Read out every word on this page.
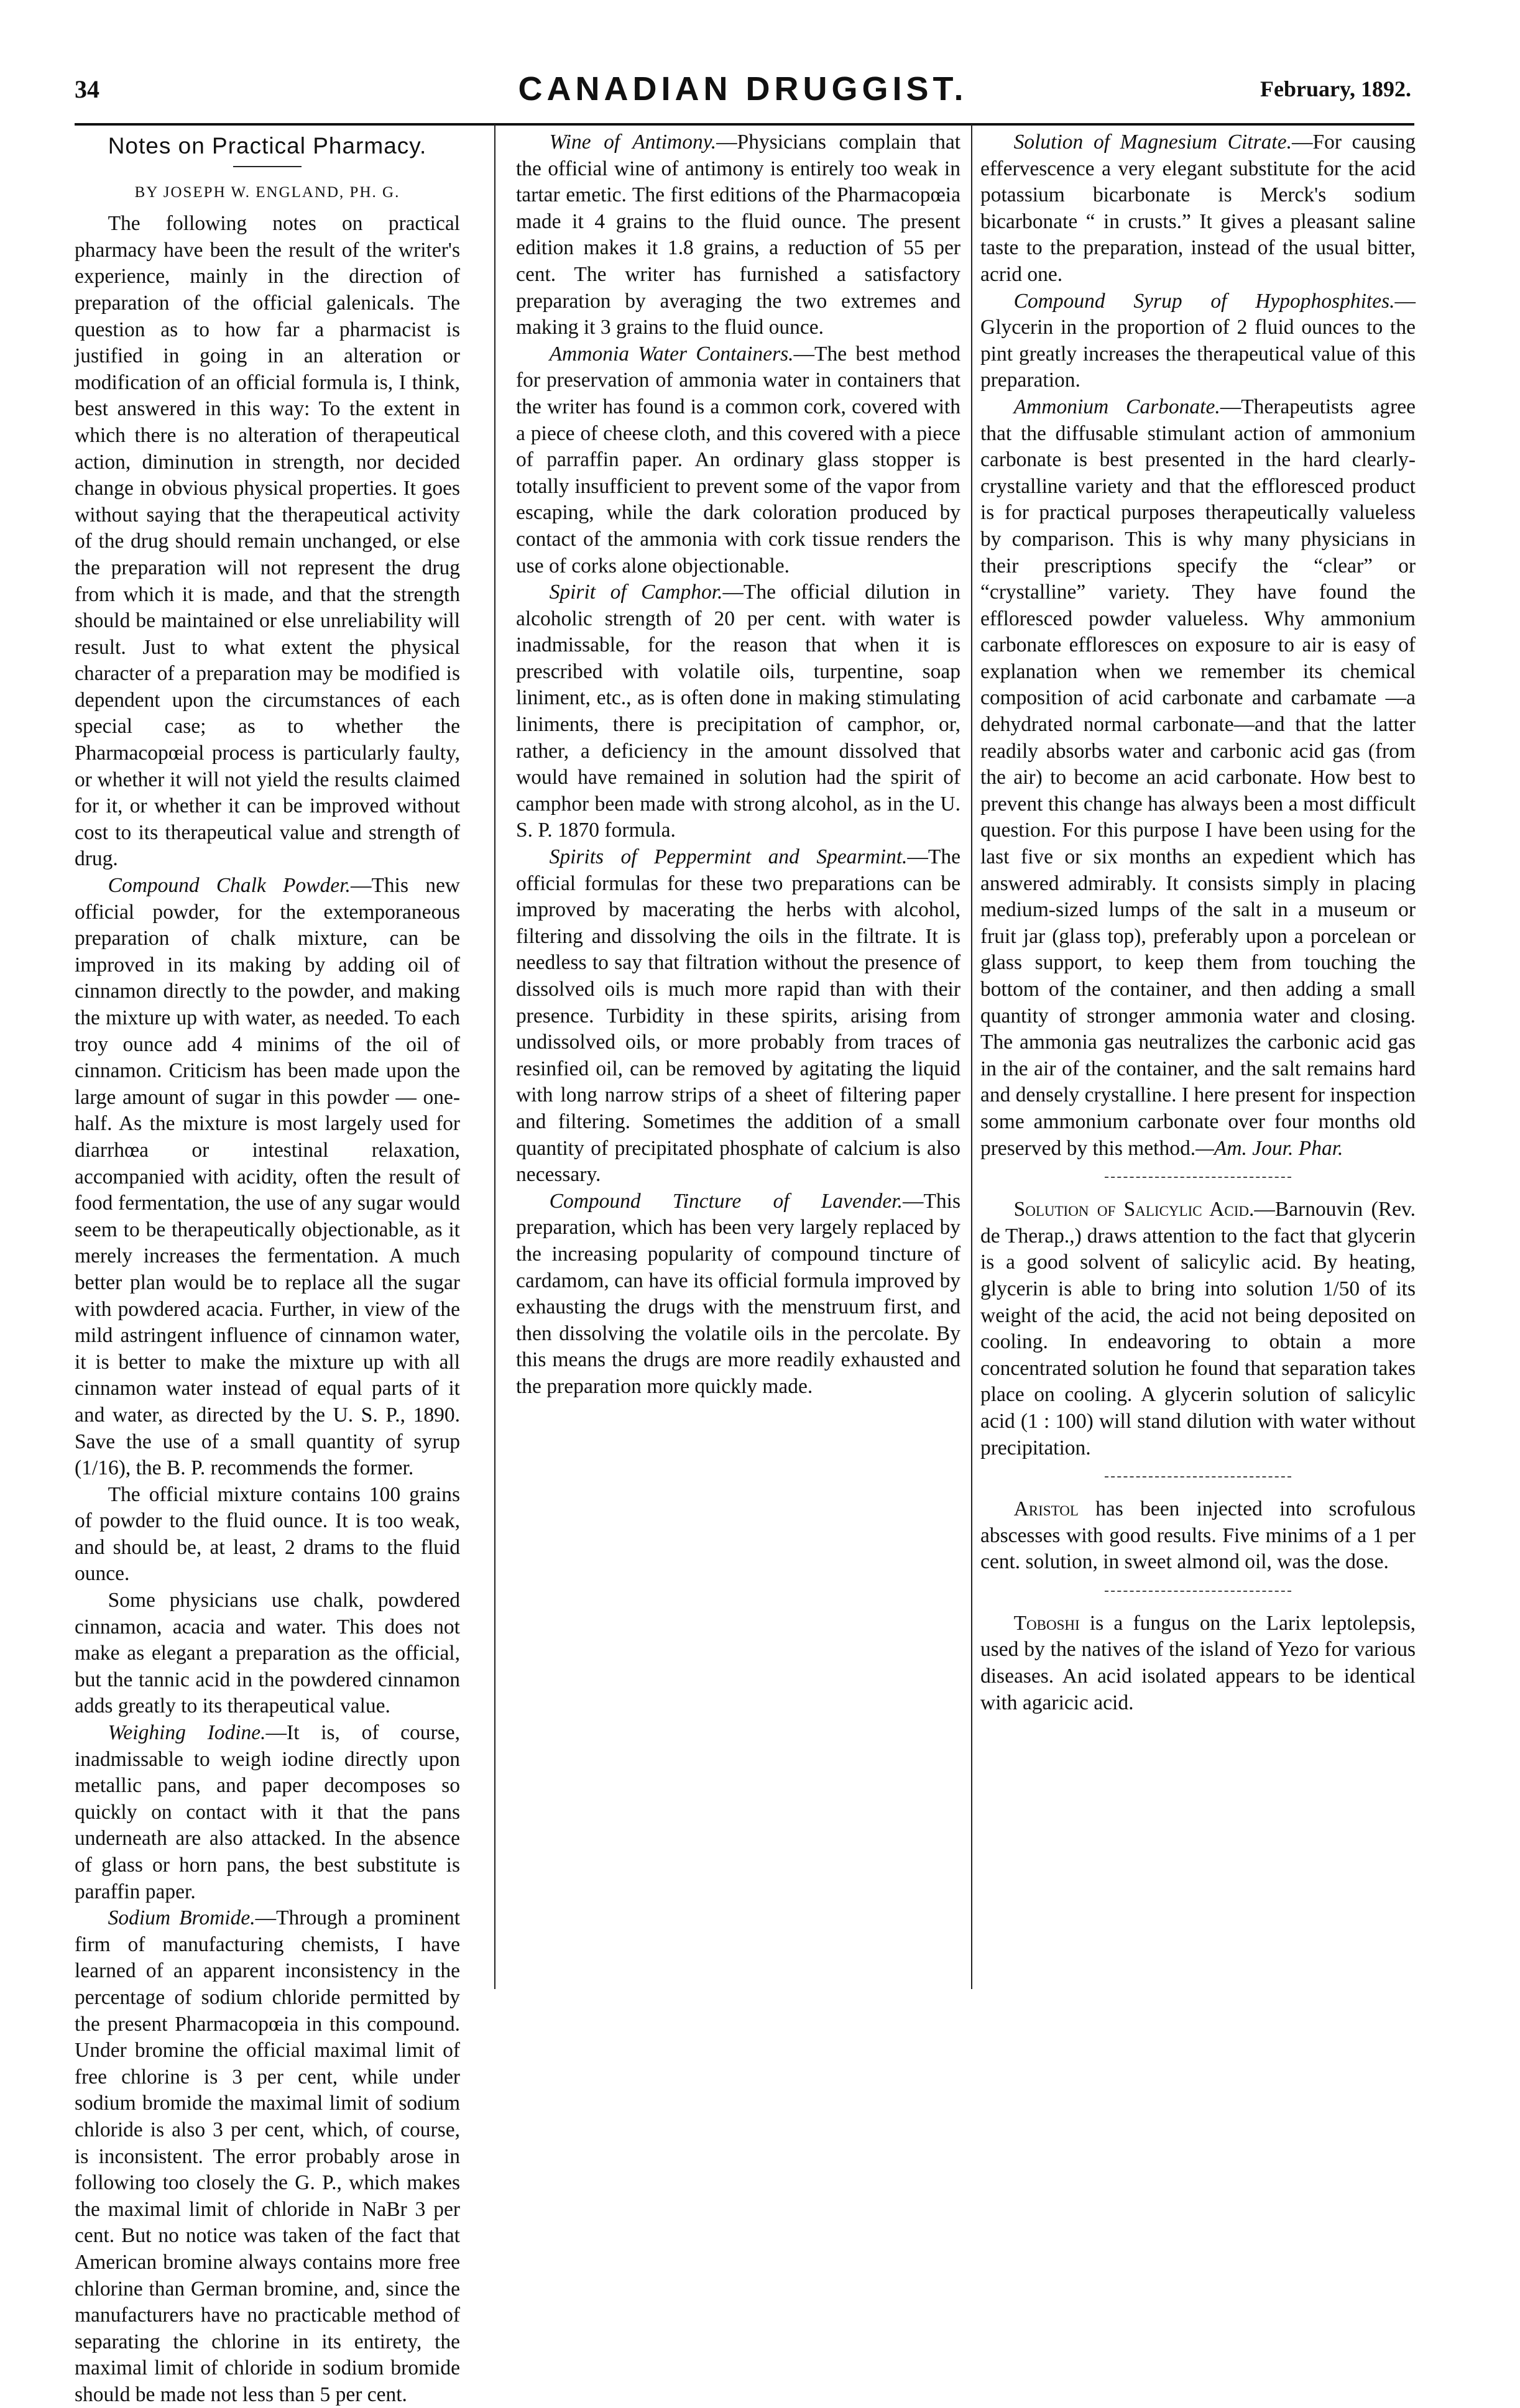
34	CANADIAN DRUGGIST.	February, 1892.
Notes on Practical Pharmacy.
BY JOSEPH W. ENGLAND, PH. G.

The following notes on practical pharmacy have been the result of the writer's experience, mainly in the direction of preparation of the official galenicals. The question as to how far a pharmacist is justified in going in an alteration or modification of an official formula is, I think, best answered in this way: To the extent in which there is no alteration of therapeutical action, diminution in strength, nor decided change in obvious physical properties. It goes without saying that the therapeutical activity of the drug should remain unchanged, or else the preparation will not represent the drug from which it is made, and that the strength should be maintained or else unreliability will result. Just to what extent the physical character of a preparation may be modified is dependent upon the circumstances of each special case; as to whether the Pharmacopœial process is particularly faulty, or whether it will not yield the results claimed for it, or whether it can be improved without cost to its therapeutical value and strength of drug.

Compound Chalk Powder.—This new official powder, for the extemporaneous preparation of chalk mixture, can be improved in its making by adding oil of cinnamon directly to the powder, and making the mixture up with water, as needed. To each troy ounce add 4 minims of the oil of cinnamon. Criticism has been made upon the large amount of sugar in this powder — one-half. As the mixture is most largely used for diarrhœa or intestinal relaxation, accompanied with acidity, often the result of food fermentation, the use of any sugar would seem to be therapeutically objectionable, as it merely increases the fermentation. A much better plan would be to replace all the sugar with powdered acacia. Further, in view of the mild astringent influence of cinnamon water, it is better to make the mixture up with all cinnamon water instead of equal parts of it and water, as directed by the U. S. P., 1890. Save the use of a small quantity of syrup (1/16), the B. P. recommends the former.

The official mixture contains 100 grains of powder to the fluid ounce. It is too weak, and should be, at least, 2 drams to the fluid ounce.

Some physicians use chalk, powdered cinnamon, acacia and water. This does not make as elegant a preparation as the official, but the tannic acid in the powdered cinnamon adds greatly to its therapeutical value.

Weighing Iodine.—It is, of course, inadmissable to weigh iodine directly upon metallic pans, and paper decomposes so quickly on contact with it that the pans underneath are also attacked. In the absence of glass or horn pans, the best substitute is paraffin paper.

Sodium Bromide.—Through a prominent firm of manufacturing chemists, I have learned of an apparent inconsistency in the percentage of sodium chloride permitted by the present Pharmacopœia in this compound. Under bromine the official maximal limit of free chlorine is 3 per cent, while under sodium bromide the maximal limit of sodium chloride is also 3 per cent, which, of course, is inconsistent. The error probably arose in following too closely the G. P., which makes the maximal limit of chloride in NaBr 3 per cent. But no notice was taken of the fact that American bromine always contains more free chlorine than German bromine, and, since the manufacturers have no practicable method of separating the chlorine in its entirety, the maximal limit of chloride in sodium bromide should be made not less than 5 per cent.

Wine of Antimony.—Physicians complain that the official wine of antimony is entirely too weak in tartar emetic. The first editions of the Pharmacopœia made it 4 grains to the fluid ounce. The present edition makes it 1.8 grains, a reduction of 55 per cent. The writer has furnished a satisfactory preparation by averaging the two extremes and making it 3 grains to the fluid ounce.

Ammonia Water Containers.—The best method for preservation of ammonia water in containers that the writer has found is a common cork, covered with a piece of cheese cloth, and this covered with a piece of parraffin paper. An ordinary glass stopper is totally insufficient to prevent some of the vapor from escaping, while the dark coloration produced by contact of the ammonia with cork tissue renders the use of corks alone objectionable.

Spirit of Camphor.—The official dilution in alcoholic strength of 20 per cent. with water is inadmissable, for the reason that when it is prescribed with volatile oils, turpentine, soap liniment, etc., as is often done in making stimulating liniments, there is precipitation of camphor, or, rather, a deficiency in the amount dissolved that would have remained in solution had the spirit of camphor been made with strong alcohol, as in the U. S. P. 1870 formula.

Spirits of Peppermint and Spearmint.—The official formulas for these two preparations can be improved by macerating the herbs with alcohol, filtering and dissolving the oils in the filtrate. It is needless to say that filtration without the presence of dissolved oils is much more rapid than with their presence. Turbidity in these spirits, arising from undissolved oils, or more probably from traces of resinfied oil, can be removed by agitating the liquid with long narrow strips of a sheet of filtering paper and filtering. Sometimes the addition of a small quantity of precipitated phosphate of calcium is also necessary.

Compound Tincture of Lavender.—This preparation, which has been very largely replaced by the increasing popularity of compound tincture of cardamom, can have its official formula improved by exhausting the drugs with the menstruum first, and then dissolving the volatile oils in the percolate. By this means the drugs are more readily exhausted and the preparation more quickly made.

Solution of Magnesium Citrate.—For causing effervescence a very elegant substitute for the acid potassium bicarbonate is Merck's sodium bicarbonate “ in crusts.” It gives a pleasant saline taste to the preparation, instead of the usual bitter, acrid one.

Compound Syrup of Hypophosphites.—Glycerin in the proportion of 2 fluid ounces to the pint greatly increases the therapeutical value of this preparation.

Ammonium Carbonate.—Therapeutists agree that the diffusable stimulant action of ammonium carbonate is best presented in the hard clearly-crystalline variety and that the effloresced product is for practical purposes therapeutically valueless by comparison. This is why many physicians in their prescriptions specify the “clear” or “crystalline” variety. They have found the effloresced powder valueless. Why ammonium carbonate effloresces on exposure to air is easy of explanation when we remember its chemical composition of acid carbonate and carbamate —a dehydrated normal carbonate—and that the latter readily absorbs water and carbonic acid gas (from the air) to become an acid carbonate. How best to prevent this change has always been a most difficult question. For this purpose I have been using for the last five or six months an expedient which has answered admirably. It consists simply in placing medium-sized lumps of the salt in a museum or fruit jar (glass top), preferably upon a porcelean or glass support, to keep them from touching the bottom of the container, and then adding a small quantity of stronger ammonia water and closing. The ammonia gas neutralizes the carbonic acid gas in the air of the container, and the salt remains hard and densely crystalline. I here present for inspection some ammonium carbonate over four months old preserved by this method.—Am. Jour. Phar.

Solution of Salicylic Acid.—Barnouvin (Rev. de Therap.,) draws attention to the fact that glycerin is a good solvent of salicylic acid. By heating, glycerin is able to bring into solution 1/50 of its weight of the acid, the acid not being deposited on cooling. In endeavoring to obtain a more concentrated solution he found that separation takes place on cooling. A glycerin solution of salicylic acid (1 : 100) will stand dilution with water without precipitation.

Aristol has been injected into scrofulous abscesses with good results. Five minims of a 1 per cent. solution, in sweet almond oil, was the dose.

Toboshi is a fungus on the Larix leptolepsis, used by the natives of the island of Yezo for various diseases. An acid isolated appears to be identical with agaricic acid.
